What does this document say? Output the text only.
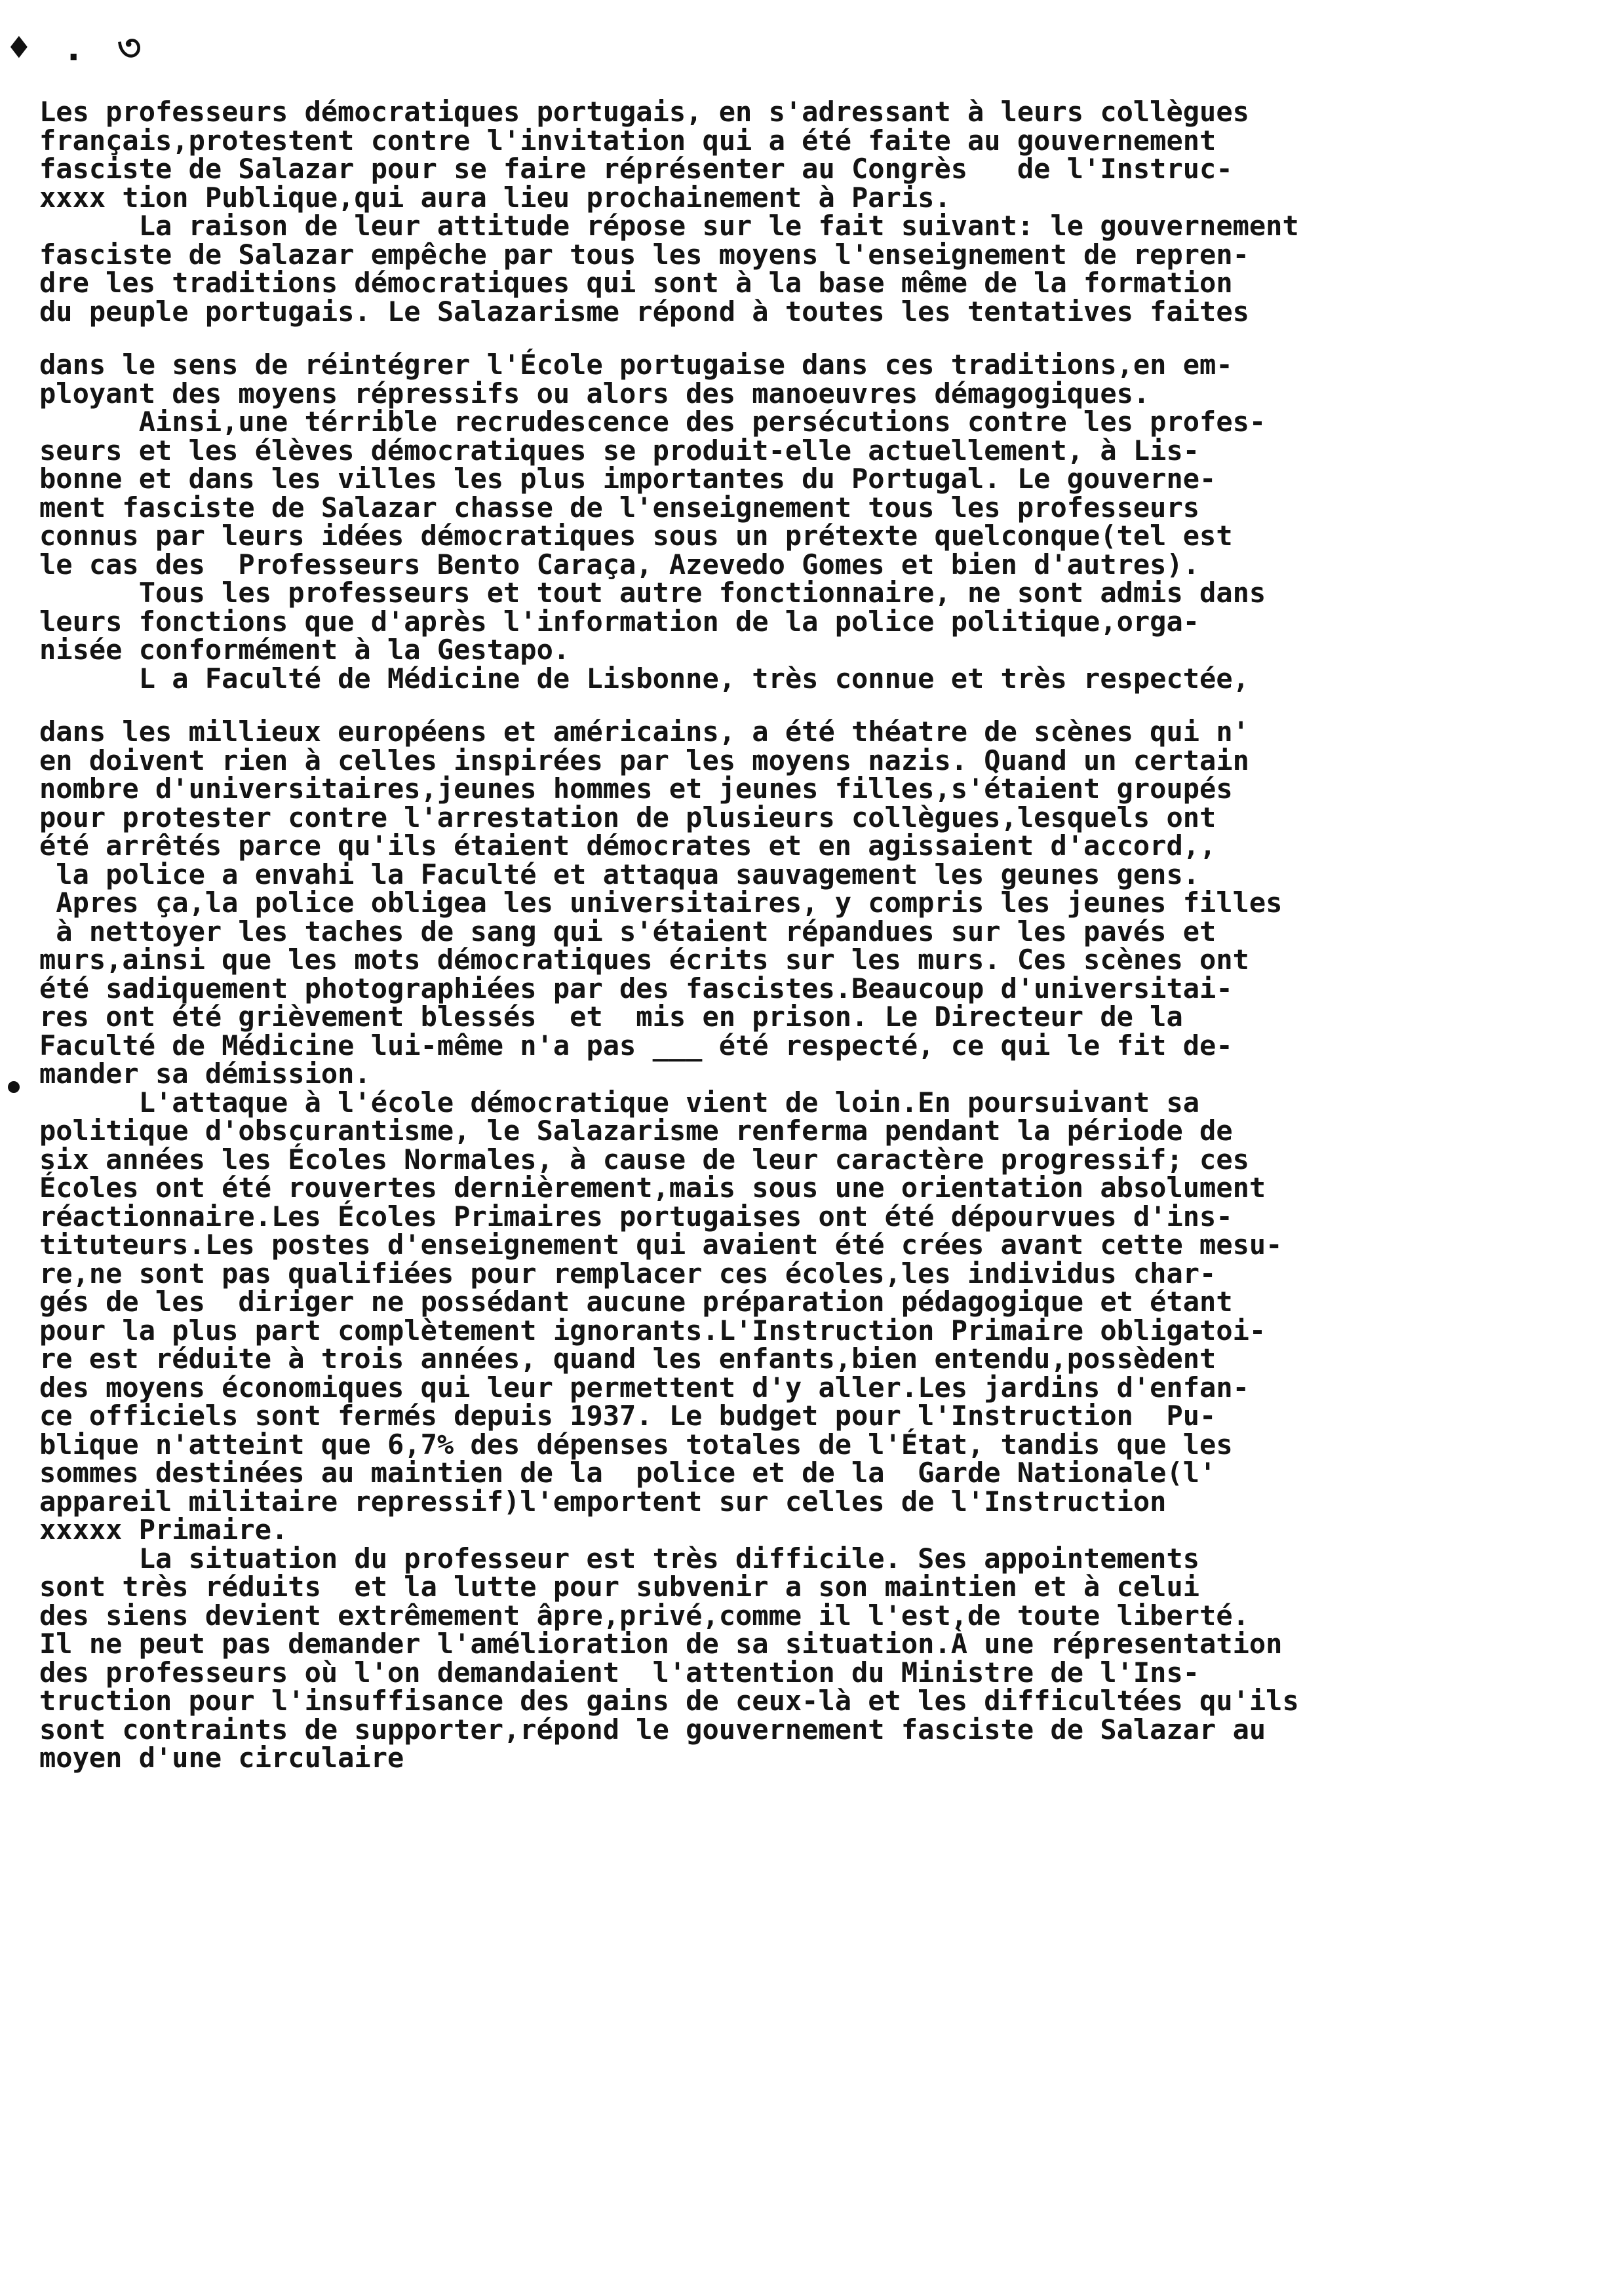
♦ . ৩
Les professeurs démocratiques portugais, en s'adressant à leurs collègues
français,protestent contre l'invitation qui a été faite au gouvernement
fasciste de Salazar pour se faire réprésenter au Congrès   de l'Instruc-
xxxx tion Publique,qui aura lieu prochainement à Paris.
La raison de leur attitude répose sur le fait suivant: le gouvernement
fasciste de Salazar empêche par tous les moyens l'enseignement de repren-
dre les traditions démocratiques qui sont à la base même de la formation
du peuple portugais. Le Salazarisme répond à toutes les tentatives faites
dans le sens de réintégrer l'École portugaise dans ces traditions,en em-
ployant des moyens répressifs ou alors des manoeuvres démagogiques.
Ainsi,une térrible recrudescence des persécutions contre les profes-
seurs et les élèves démocratiques se produit-elle actuellement, à Lis-
bonne et dans les villes les plus importantes du Portugal. Le gouverne-
ment fasciste de Salazar chasse de l'enseignement tous les professeurs
connus par leurs idées démocratiques sous un prétexte quelconque(tel est
le cas des  Professeurs Bento Caraça, Azevedo Gomes et bien d'autres).
Tous les professeurs et tout autre fonctionnaire, ne sont admis dans
leurs fonctions que d'après l'information de la police politique,orga-
nisée conformément à la Gestapo.
L a Faculté de Médicine de Lisbonne, très connue et très respectée,
dans les millieux européens et américains, a été théatre de scènes qui n'
en doivent rien à celles inspirées par les moyens nazis. Quand un certain
nombre d'universitaires,jeunes hommes et jeunes filles,s'étaient groupés
pour protester contre l'arrestation de plusieurs collègues,lesquels ont
été arrêtés parce qu'ils étaient démocrates et en agissaient d'accord,,
la police a envahi la Faculté et attaqua sauvagement les geunes gens.
Apres ça,la police obligea les universitaires, y compris les jeunes filles
à nettoyer les taches de sang qui s'étaient répandues sur les pavés et
murs,ainsi que les mots démocratiques écrits sur les murs. Ces scènes ont
été sadiquement photographiées par des fascistes.Beaucoup d'universitai-
res ont été grièvement blessés  et  mis en prison. Le Directeur de la
Faculté de Médicine lui-même n'a pas ___ été respecté, ce qui le fit de-
mander sa démission.
L'attaque à l'école démocratique vient de loin.En poursuivant sa
politique d'obscurantisme, le Salazarisme renferma pendant la période de
six années les Écoles Normales, à cause de leur caractère progressif; ces
Écoles ont été rouvertes dernièrement,mais sous une orientation absolument
réactionnaire.Les Écoles Primaires portugaises ont été dépourvues d'ins-
tituteurs.Les postes d'enseignement qui avaient été crées avant cette mesu-
re,ne sont pas qualifiées pour remplacer ces écoles,les individus char-
gés de les  diriger ne possédant aucune préparation pédagogique et étant
pour la plus part complètement ignorants.L'Instruction Primaire obligatoi-
re est réduite à trois années, quand les enfants,bien entendu,possèdent
des moyens économiques qui leur permettent d'y aller.Les jardins d'enfan-
ce officiels sont fermés depuis 1937. Le budget pour l'Instruction  Pu-
blique n'atteint que 6,7% des dépenses totales de l'État, tandis que les
sommes destinées au maintien de la  police et de la  Garde Nationale(l'
appareil militaire repressif)l'emportent sur celles de l'Instruction
xxxxx Primaire.
La situation du professeur est très difficile. Ses appointements
sont très réduits  et la lutte pour subvenir a son maintien et à celui
des siens devient extrêmement âpre,privé,comme il l'est,de toute liberté.
Il ne peut pas demander l'amélioration de sa situation.À une répresentation
des professeurs où l'on demandaient  l'attention du Ministre de l'Ins-
truction pour l'insuffisance des gains de ceux-là et les difficultées qu'ils
sont contraints de supporter,répond le gouvernement fasciste de Salazar au
moyen d'une circulaire
